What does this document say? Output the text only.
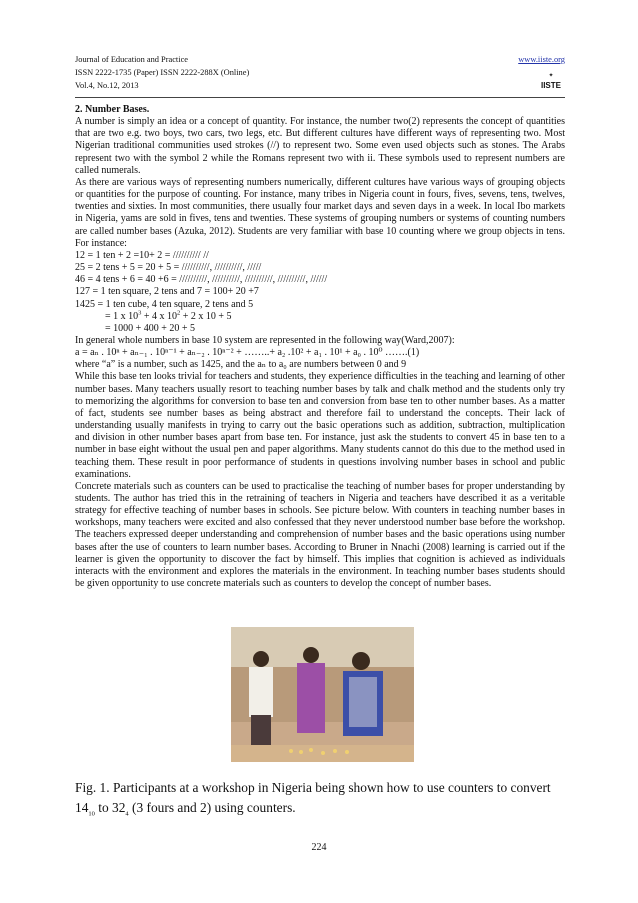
Journal of Education and Practice	www.iiste.org
ISSN 2222-1735 (Paper) ISSN 2222-288X (Online)
Vol.4, No.12, 2013
✦
IISTE
2. Number Bases.

A number is simply an idea or a concept of quantity. For instance, the number two(2) represents the concept of quantities that are two e.g. two boys, two cars, two legs, etc. But different cultures have different ways of representing two. Most Nigerian traditional communities used strokes (//) to represent two. Some even used objects such as stones. The Arabs represent two with the symbol 2 while the Romans represent two with ii. These symbols used to represent numbers are called numerals.

As there are various ways of representing numbers numerically, different cultures have various ways of grouping objects or quantities for the purpose of counting. For instance, many tribes in Nigeria count in fours, fives, sevens, tens, twelves, twenties and sixties. In most communities, there usually four market days and seven days in a week. In local Ibo markets in Nigeria, yams are sold in fives, tens and twenties. These systems of grouping numbers or systems of counting numbers are called number bases (Azuka, 2012). Students are very familiar with base 10 counting where we group objects in tens. For instance:

12 = 1 ten + 2 =10+ 2 = ////////// //
25 = 2 tens + 5 = 20 + 5 = //////////, //////////, /////
46 = 4 tens + 6 = 40 +6 = //////////, //////////, //////////, //////////, //////
127 = 1 ten square, 2 tens and 7 = 100+ 20 +7
1425 = 1 ten cube, 4 ten square, 2 tens and 5
= 1 x $10^3 + 4$ x $10^2 + 2$ x 10 + 5
= 1000 + 400 + 20 + 5
In general whole numbers in base 10 system are represented in the following way(Ward,2007):
a = aₙ . 10ⁿ + aₙ₋₁ . 10ⁿ⁻¹ + aₙ₋₂ . 10ⁿ⁻² + ……..+ a₂ .10² + a₁ . 10¹ + a₀ . 10⁰ …….(1)
where “a” is a number, such as 1425, and the aₙ to a₀ are numbers between 0 and 9

While this base ten looks trivial for teachers and students, they experience difficulties in the teaching and learning of other number bases. Many teachers usually resort to teaching number bases by talk and chalk method and the students only try to memorizing the algorithms for conversion to base ten and conversion from base ten to other number bases. As a matter of fact, students see number bases as being abstract and therefore fail to understand the concepts. Their lack of understanding usually manifests in trying to carry out the basic operations such as addition, subtraction, multiplication and division in other number bases apart from base ten. For instance, just ask the students to convert 45 in base ten to a number in base eight without the usual pen and paper algorithms. Many students cannot do this due to the method used in teaching them. These result in poor performance of students in questions involving number bases in school and public examinations.

Concrete materials such as counters can be used to practicalise the teaching of number bases for proper understanding by students. The author has tried this in the retraining of teachers in Nigeria and teachers have described it as a veritable strategy for effective teaching of number bases in schools. See picture below. With counters in teaching number bases in workshops, many teachers were excited and also confessed that they never understood number base before the workshop. The teachers expressed deeper understanding and comprehension of number bases and the basic operations using number bases after the use of counters to learn number bases. According to Bruner in Nnachi (2008) learning is carried out if the learner is given the opportunity to discover the fact by himself. This implies that cognition is achieved as individuals interacts with the environment and explores the materials in the environment. In teaching number bases students should be given opportunity to use concrete materials such as counters to develop the concept of number bases.

Fig. 1. Participants at a workshop in Nigeria being shown how to use counters to convert $14_{10}$ to $32_4$ (3 fours and 2) using counters.
224
